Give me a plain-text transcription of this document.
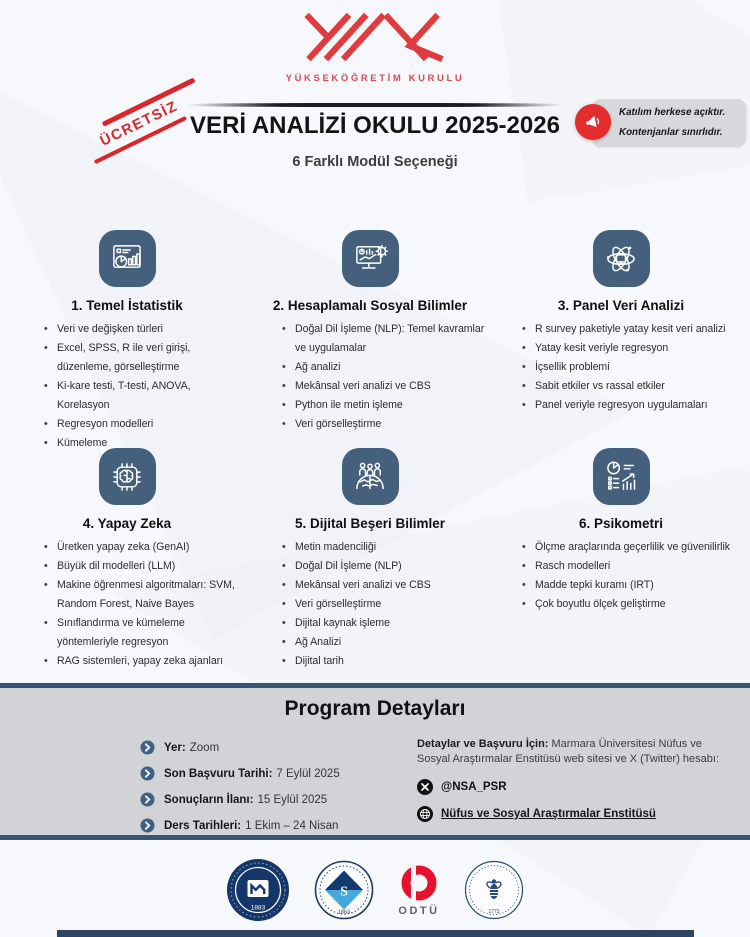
YÜKSEKÖĞRETİM KURULU
ÜCRETSİZ VERİ ANALİZİ OKULU 2025-2026
6 Farklı Modül Seçeneği
Katılım herkese açıktır.
Kontenjanlar sınırlıdır.
1. Temel İstatistik
• Veri ve değişken türleri
• Excel, SPSS, R ile veri girişi, düzenleme, görselleştirme
• Ki-kare testi, T-testi, ANOVA, Korelasyon
• Regresyon modelleri
• Kümeleme
2. Hesaplamalı Sosyal Bilimler
• Doğal Dil İşleme (NLP): Temel kavramlar ve uygulamalar
• Ağ analizi
• Mekânsal veri analizi ve CBS
• Python ile metin işleme
• Veri görselleştirme
3. Panel Veri Analizi
• R survey paketiyle yatay kesit veri analizi
• Yatay kesit veriyle regresyon
• İçsellik problemi
• Sabit etkiler vs rassal etkiler
• Panel veriyle regresyon uygulamaları
4. Yapay Zeka
• Üretken yapay zeka (GenAI)
• Büyük dil modelleri (LLM)
• Makine öğrenmesi algoritmaları: SVM, Random Forest, Naive Bayes
• Sınıflandırma ve kümeleme yöntemleriyle regresyon
• RAG sistemleri, yapay zeka ajanları
5. Dijital Beşeri Bilimler
• Metin madenciliği
• Doğal Dil İşleme (NLP)
• Mekânsal veri analizi ve CBS
• Veri görselleştirme
• Dijital kaynak işleme
• Ağ Analizi
• Dijital tarih
6. Psikometri
• Ölçme araçlarında geçerlilik ve güvenilirlik
• Rasch modelleri
• Madde tepki kuramı (IRT)
• Çok boyutlu ölçek geliştirme
Program Detayları
Yer: Zoom
Son Başvuru Tarihi: 7 Eylül 2025
Sonuçların İlanı: 15 Eylül 2025
Ders Tarihleri: 1 Ekim – 24 Nisan

Detaylar ve Başvuru İçin: Marmara Üniversitesi Nüfus ve Sosyal Araştırmalar Enstitüsü web sitesi ve X (Twitter) hesabı:

@NSA_PSR
Nüfus ve Sosyal Araştırmalar Enstitüsü
1883
S
1863	ODTÜ	1773
